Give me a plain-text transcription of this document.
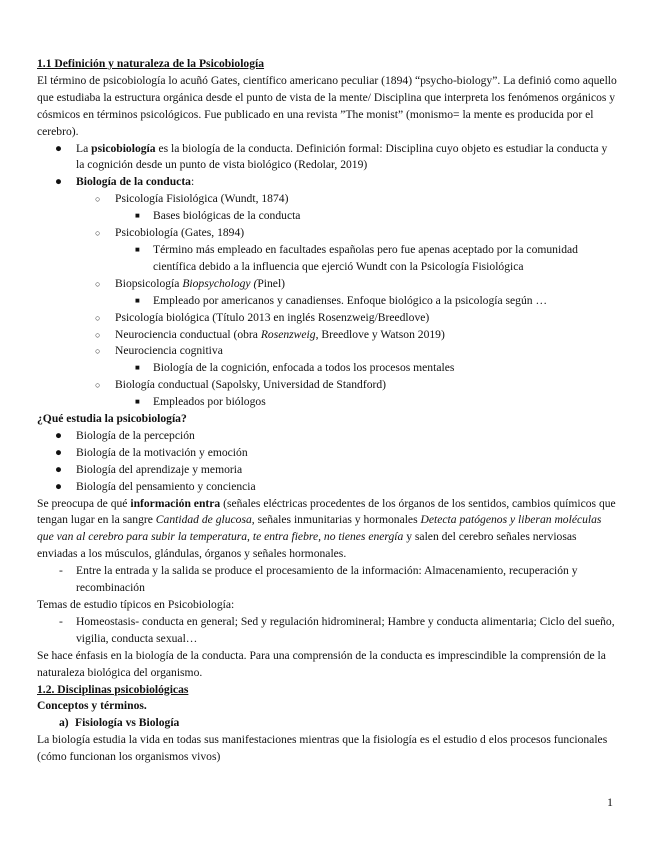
1.1 Definición y naturaleza de la Psicobiología

El término de psicobiología lo acuñó Gates, científico americano peculiar (1894) “psycho-biology”. La definió como aquello que estudiaba la estructura orgánica desde el punto de vista de la mente/ Disciplina que interpreta los fenómenos orgánicos y cósmicos en términos psicológicos. Fue publicado en una revista ”The monist” (monismo= la mente es producida por el cerebro).

● La psicobiología es la biología de la conducta. Definición formal: Disciplina cuyo objeto es estudiar la conducta y la cognición desde un punto de vista biológico (Redolar, 2019)
● Biología de la conducta:
○ Psicología Fisiológica (Wundt, 1874)
■ Bases biológicas de la conducta
○ Psicobiología (Gates, 1894)
■ Término más empleado en facultades españolas pero fue apenas aceptado por la comunidad científica debido a la influencia que ejerció Wundt con la Psicología Fisiológica
○ Biopsicología Biopsychology (Pinel)
■ Empleado por americanos y canadienses. Enfoque biológico a la psicología según …
○ Psicología biológica (Título 2013 en inglés Rosenzweig/Breedlove)
○ Neurociencia conductual (obra Rosenzweig, Breedlove y Watson 2019)
○ Neurociencia cognitiva
■ Biología de la cognición, enfocada a todos los procesos mentales
○ Biología conductual (Sapolsky, Universidad de Standford)
■ Empleados por biólogos

¿Qué estudia la psicobiología?

● Biología de la percepción
● Biología de la motivación y emoción
● Biología del aprendizaje y memoria
● Biología del pensamiento y conciencia

Se preocupa de qué información entra (señales eléctricas procedentes de los órganos de los sentidos, cambios químicos que tengan lugar en la sangre Cantidad de glucosa, señales inmunitarias y hormonales Detecta patógenos y liberan moléculas que van al cerebro para subir la temperatura, te entra fiebre, no tienes energía y salen del cerebro señales nerviosas enviadas a los músculos, glándulas, órganos y señales hormonales.

- Entre la entrada y la salida se produce el procesamiento de la información: Almacenamiento, recuperación y recombinación

Temas de estudio típicos en Psicobiología:

- Homeostasis- conducta en general; Sed y regulación hidromineral; Hambre y conducta alimentaria; Ciclo del sueño, vigilia, conducta sexual…

Se hace énfasis en la biología de la conducta. Para una comprensión de la conducta es imprescindible la comprensión de la naturaleza biológica del organismo.

1.2. Disciplinas psicobiológicas

Conceptos y términos.

a) Fisiología vs Biología

La biología estudia la vida en todas sus manifestaciones mientras que la fisiología es el estudio d elos procesos funcionales (cómo funcionan los organismos vivos)

1
